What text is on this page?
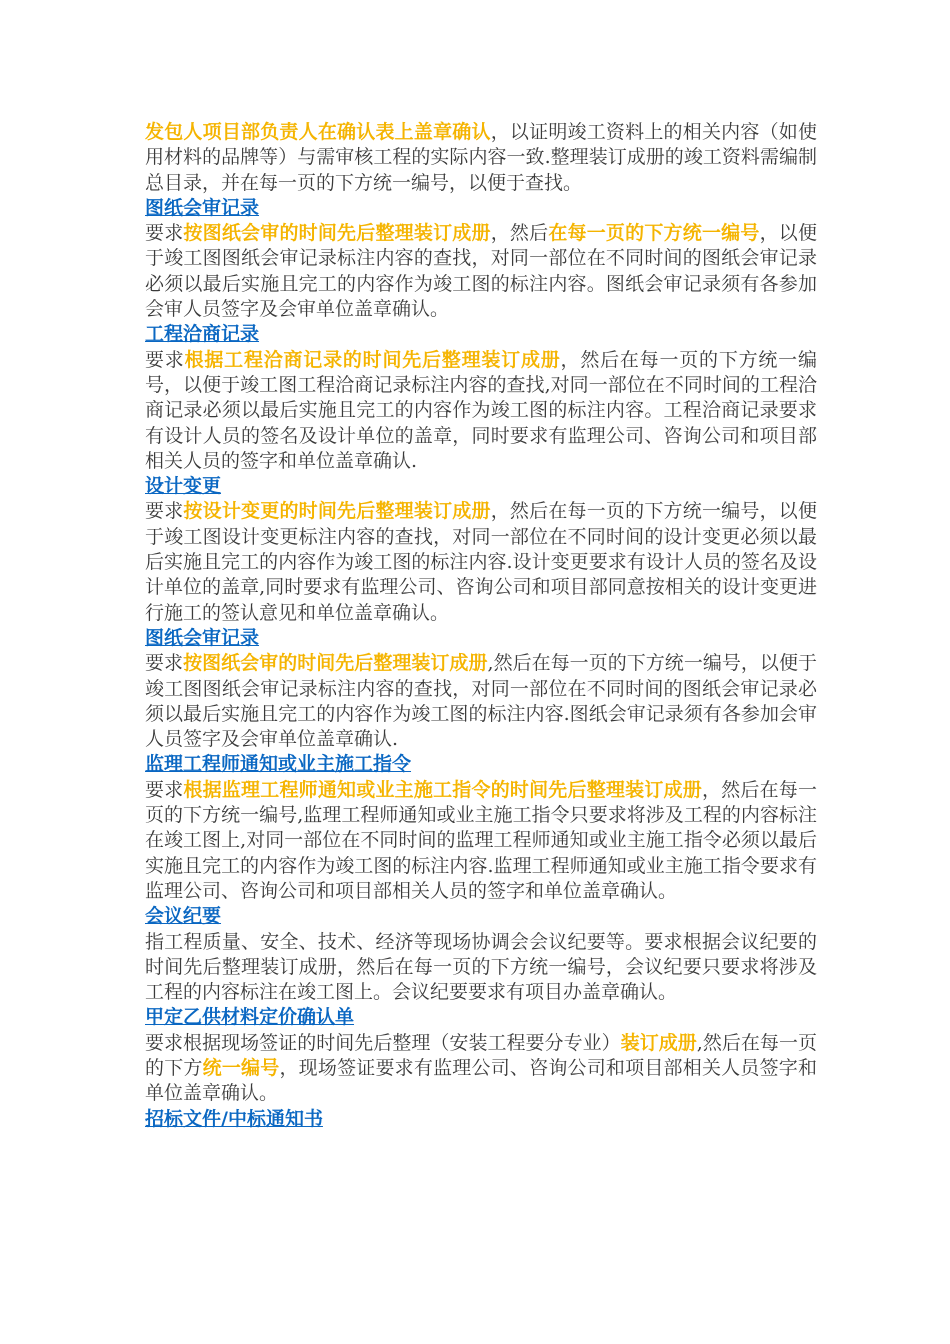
发包人项目部负责人在确认表上盖章确认，以证明竣工资料上的相关内容（如使用材料的品牌等）与需审核工程的实际内容一致.整理装订成册的竣工资料需编制总目录，并在每一页的下方统一编号，以便于查找。

图纸会审记录

要求按图纸会审的时间先后整理装订成册，然后在每一页的下方统一编号，以便于竣工图图纸会审记录标注内容的查找，对同一部位在不同时间的图纸会审记录必须以最后实施且完工的内容作为竣工图的标注内容。图纸会审记录须有各参加会审人员签字及会审单位盖章确认。

工程洽商记录

要求根据工程洽商记录的时间先后整理装订成册，然后在每一页的下方统一编号，以便于竣工图工程洽商记录标注内容的查找,对同一部位在不同时间的工程洽商记录必须以最后实施且完工的内容作为竣工图的标注内容。工程洽商记录要求有设计人员的签名及设计单位的盖章，同时要求有监理公司、咨询公司和项目部相关人员的签字和单位盖章确认.

设计变更

要求按设计变更的时间先后整理装订成册，然后在每一页的下方统一编号，以便于竣工图设计变更标注内容的查找，对同一部位在不同时间的设计变更必须以最后实施且完工的内容作为竣工图的标注内容.设计变更要求有设计人员的签名及设计单位的盖章,同时要求有监理公司、咨询公司和项目部同意按相关的设计变更进行施工的签认意见和单位盖章确认。

图纸会审记录

要求按图纸会审的时间先后整理装订成册,然后在每一页的下方统一编号，以便于竣工图图纸会审记录标注内容的查找，对同一部位在不同时间的图纸会审记录必须以最后实施且完工的内容作为竣工图的标注内容.图纸会审记录须有各参加会审人员签字及会审单位盖章确认.

监理工程师通知或业主施工指令

要求根据监理工程师通知或业主施工指令的时间先后整理装订成册，然后在每一页的下方统一编号,监理工程师通知或业主施工指令只要求将涉及工程的内容标注在竣工图上,对同一部位在不同时间的监理工程师通知或业主施工指令必须以最后实施且完工的内容作为竣工图的标注内容.监理工程师通知或业主施工指令要求有监理公司、咨询公司和项目部相关人员的签字和单位盖章确认。

会议纪要

指工程质量、安全、技术、经济等现场协调会会议纪要等。要求根据会议纪要的时间先后整理装订成册，然后在每一页的下方统一编号，会议纪要只要求将涉及工程的内容标注在竣工图上。会议纪要要求有项目办盖章确认。

甲定乙供材料定价确认单

要求根据现场签证的时间先后整理（安装工程要分专业）装订成册,然后在每一页的下方统一编号，现场签证要求有监理公司、咨询公司和项目部相关人员签字和单位盖章确认。

招标文件/中标通知书
